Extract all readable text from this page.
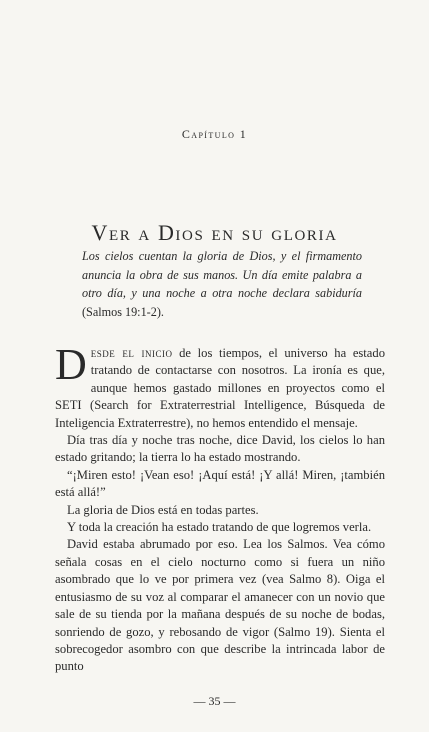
Capítulo 1
Ver a Dios en su gloria
Los cielos cuentan la gloria de Dios, y el firmamento anuncia la obra de sus manos. Un día emite palabra a otro día, y una noche a otra noche declara sabiduría (Salmos 19:1-2).

Desde el inicio de los tiempos, el universo ha estado tratando de contactarse con nosotros. La ironía es que, aunque hemos gastado millones en proyectos como el SETI (Search for Extraterrestrial Intelligence, Búsqueda de Inteligencia Extraterrestre), no hemos entendido el mensaje.

Día tras día y noche tras noche, dice David, los cielos lo han estado gritando; la tierra lo ha estado mostrando.

“¡Miren esto! ¡Vean eso! ¡Aquí está! ¡Y allá! Miren, ¡también está allá!”

La gloria de Dios está en todas partes.

Y toda la creación ha estado tratando de que logremos verla.

David estaba abrumado por eso. Lea los Salmos. Vea cómo señala cosas en el cielo nocturno como si fuera un niño asombrado que lo ve por primera vez (vea Salmo 8). Oiga el entusiasmo de su voz al comparar el amanecer con un novio que sale de su tienda por la mañana después de su noche de bodas, sonriendo de gozo, y rebosando de vigor (Salmo 19). Sienta el sobrecogedor asombro con que describe la intrincada labor de punto

— 35 —
